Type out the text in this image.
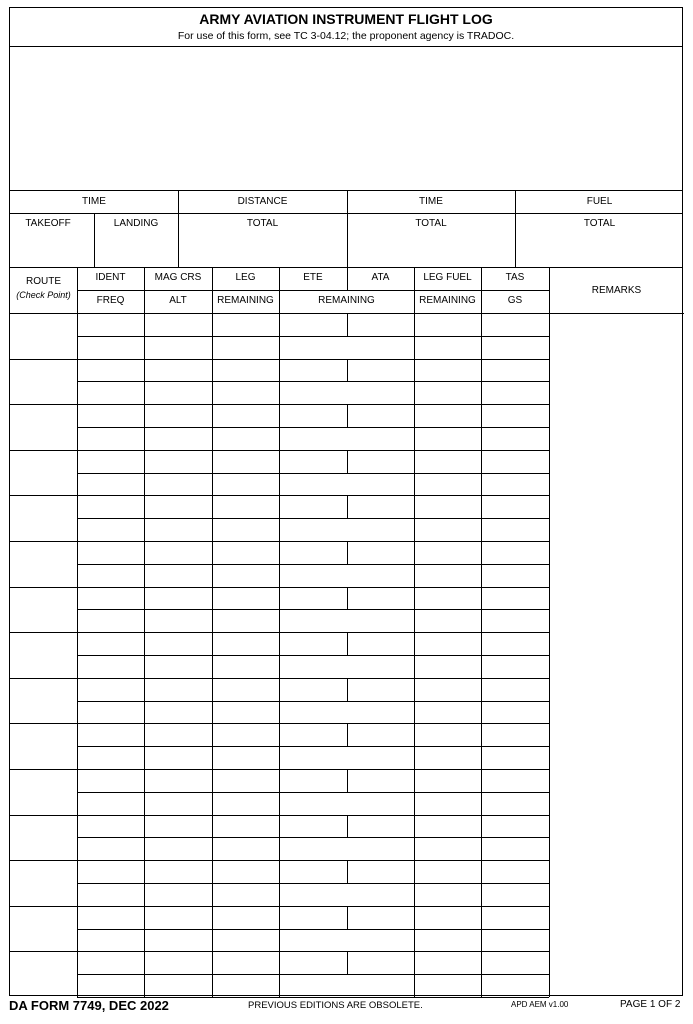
ARMY AVIATION INSTRUMENT FLIGHT LOG
For use of this form, see TC 3-04.12; the proponent agency is TRADOC.
TIME	DISTANCE	TIME	FUEL
TAKEOFF	LANDING	TOTAL	TOTAL	TOTAL
ROUTE
(Check Point)
IDENT	MAG CRS	LEG	ETE	ATA	LEG FUEL	TAS
FREQ	ALT	REMAINING	REMAINING	REMAINING	GS
REMARKS
DA FORM 7749, DEC 2022	PREVIOUS EDITIONS ARE OBSOLETE.	APD AEM v1.00	PAGE 1 OF 2
